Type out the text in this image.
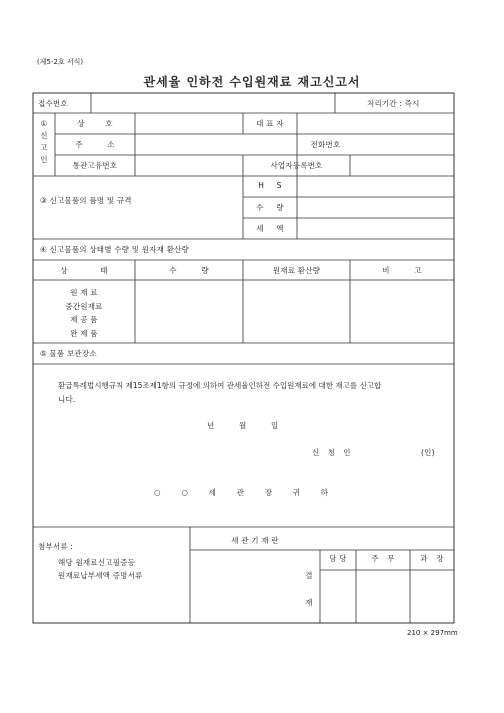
(제5-2호 서식)
관세율 인하전 수입원재료 재고신고서
접수번호	처리기간 : 즉시
①
신
고
인
상 호	대 표 자
주 소	전화번호
통관고유번호	사업자등록번호
③ 신고물품의 품명 및 규격
H S
수 량
세 액
④ 신고물품의 상태별 수량 및 원자재 환산량
상 태	수 량	원재료 환산량	비 고
원 재 료
중간원재료
제 공 품
완 제 품
⑤ 물품 보관장소
환급특례법시행규칙 제15조제1항의 규정에 의하여 관세율인하전 수입원재료에 대한 재고를 신고합
니다.
년 월 일
신 청 인	(인)
○ ○ 세 관 장 귀 하
첨부서류 :
해당 원재료신고필증등
원재료납부세액 증명서류
세 관 기 재 란
담 당	주 무	과 장
결
재
210 × 297mm
